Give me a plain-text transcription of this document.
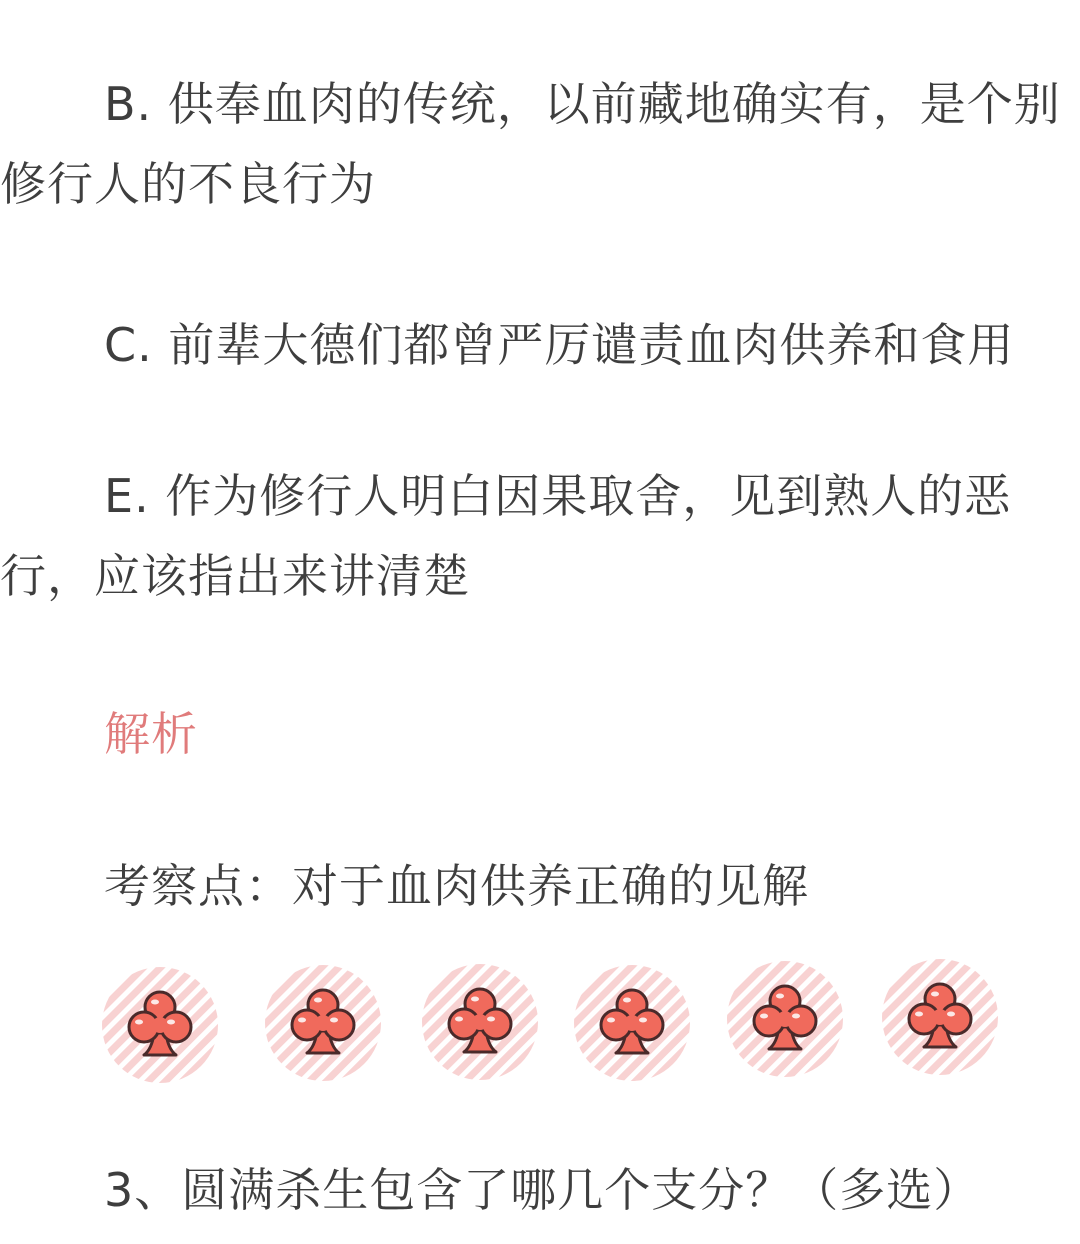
B. 供奉血肉的传统，以前藏地确实有，是个别修行人的不良行为

C. 前辈大德们都曾严厉谴责血肉供养和食用

E. 作为修行人明白因果取舍，见到熟人的恶行，应该指出来讲清楚

解析

考察点：对于血肉供养正确的见解

3、圆满杀生包含了哪几个支分？（多选）
